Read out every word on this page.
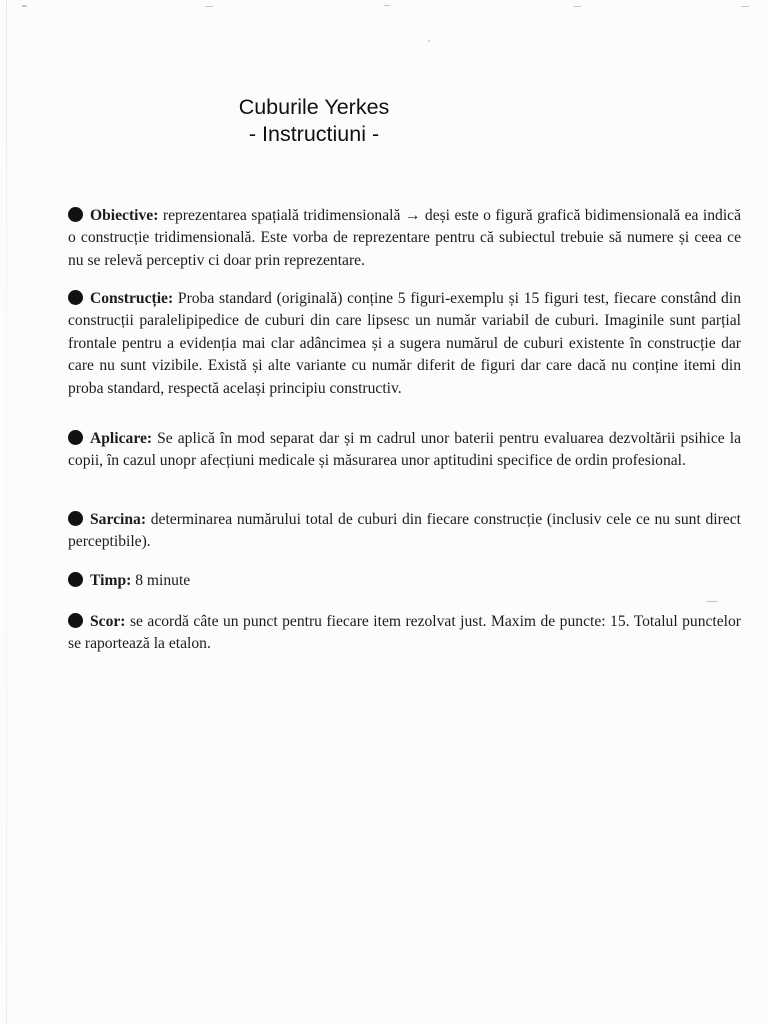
Cuburile Yerkes
- Instructiuni -
Obiective: reprezentarea spațială tridimensională → deși este o figură grafică bidimensională ea indică o construcție tridimensională. Este vorba de reprezentare pentru că subiectul trebuie să numere și ceea ce nu se relevă perceptiv ci doar prin reprezentare.
Construcție: Proba standard (originală) conține 5 figuri-exemplu și 15 figuri test, fiecare constând din construcții paralelipipedice de cuburi din care lipsesc un număr variabil de cuburi. Imaginile sunt parțial frontale pentru a evidenția mai clar adâncimea și a sugera numărul de cuburi existente în construcție dar care nu sunt vizibile. Există și alte variante cu număr diferit de figuri dar care dacă nu conține itemi din proba standard, respectă același principiu constructiv.
Aplicare: Se aplică în mod separat dar și m cadrul unor baterii pentru evaluarea dezvoltării psihice la copii, în cazul unopr afecțiuni medicale și măsurarea unor aptitudini specifice de ordin profesional.
Sarcina: determinarea numărului total de cuburi din fiecare construcție (inclusiv cele ce nu sunt direct perceptibile).
Timp: 8 minute
Scor: se acordă câte un punct pentru fiecare item rezolvat just. Maxim de puncte: 15. Totalul punctelor se raportează la etalon.
